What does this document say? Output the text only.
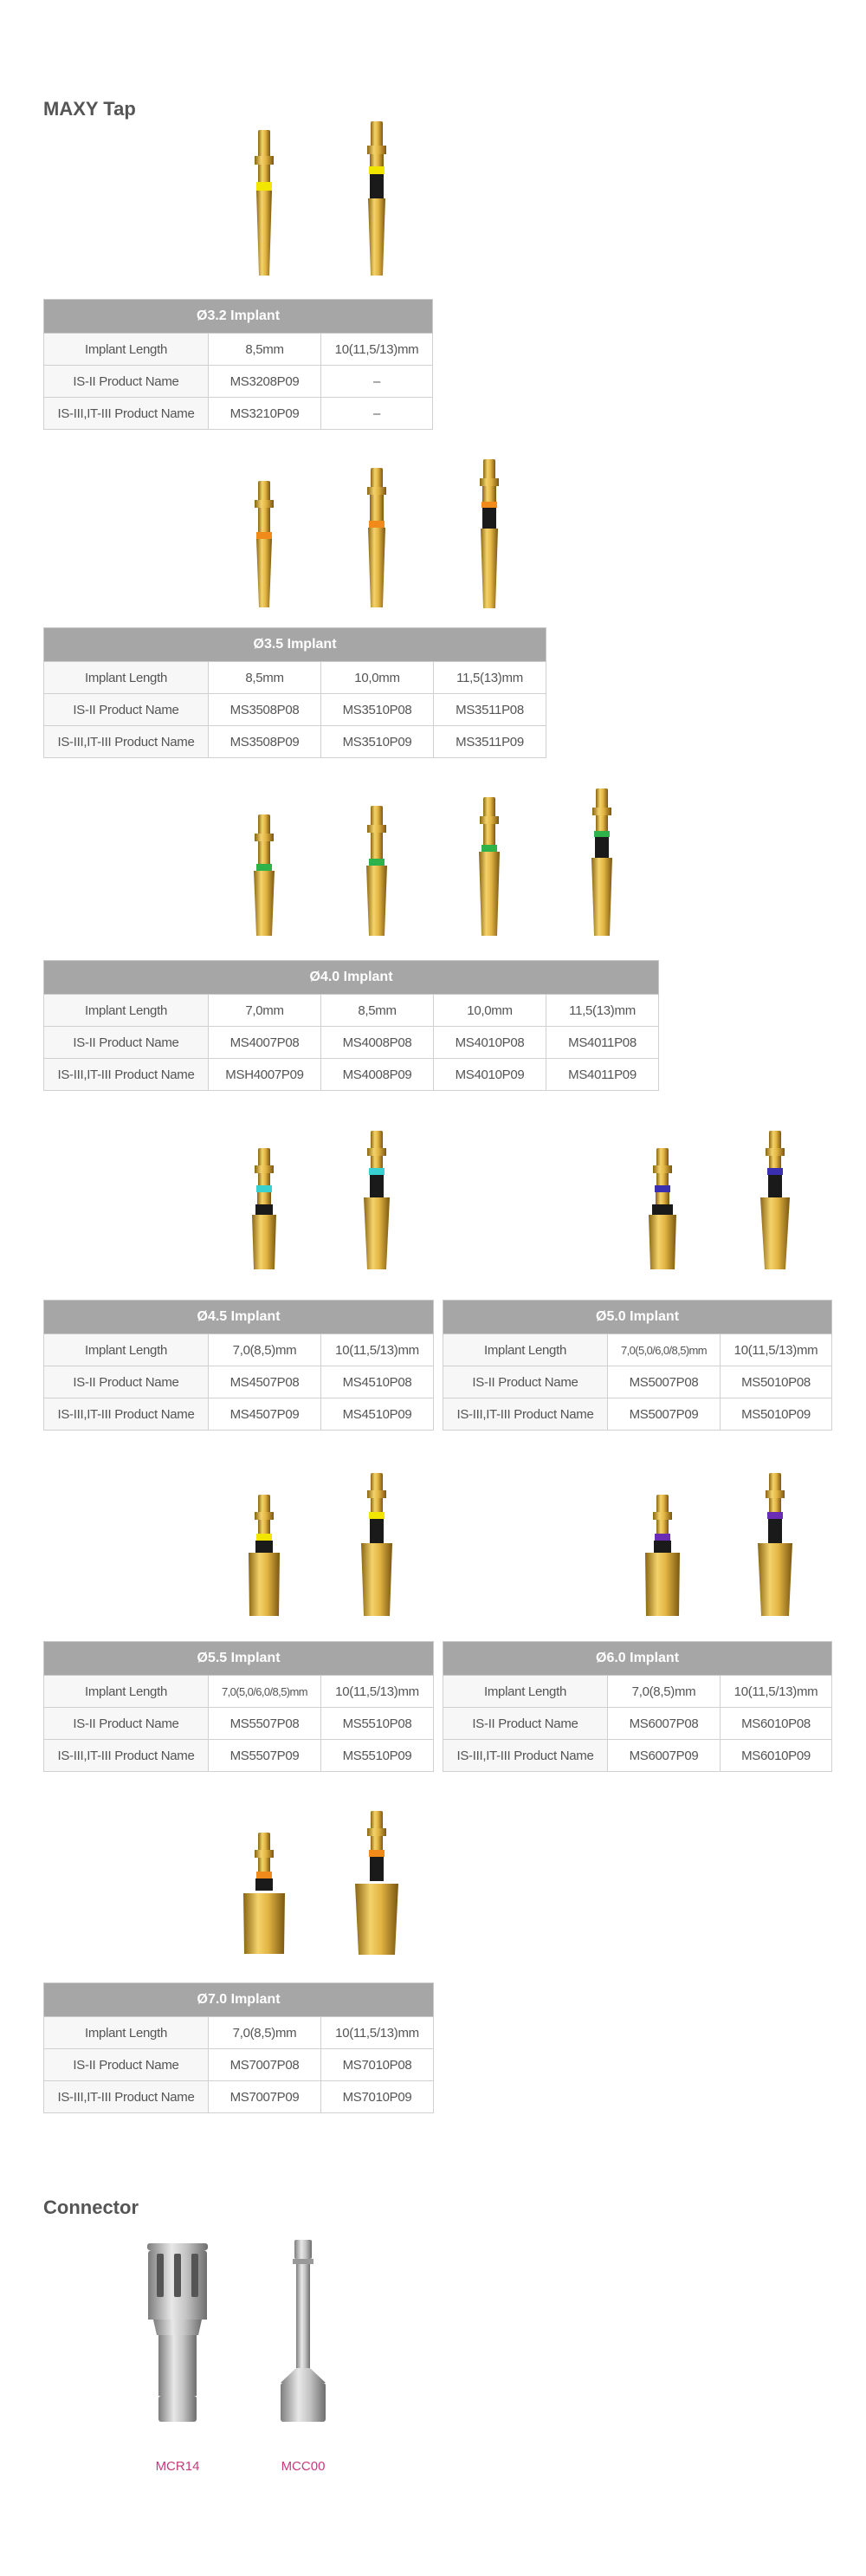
MAXY Tap
Ø3.2 Implant		
Implant Length	8,5mm	10(11,5/13)mm
IS-II Product Name	MS3208P09	–
IS-III,IT-III Product Name	MS3210P09	–
Ø3.5 Implant			
Implant Length	8,5mm	10,0mm	11,5(13)mm
IS-II Product Name	MS3508P08	MS3510P08	MS3511P08
IS-III,IT-III Product Name	MS3508P09	MS3510P09	MS3511P09
Ø4.0 Implant				
Implant Length	7,0mm	8,5mm	10,0mm	11,5(13)mm
IS-II Product Name	MS4007P08	MS4008P08	MS4010P08	MS4011P08
IS-III,IT-III Product Name	MSH4007P09	MS4008P09	MS4010P09	MS4011P09
Ø4.5 Implant		
Implant Length	7,0(8,5)mm	10(11,5/13)mm
IS-II Product Name	MS4507P08	MS4510P08
IS-III,IT-III Product Name	MS4507P09	MS4510P09
Ø5.0 Implant		
Implant Length	7,0(5,0/6,0/8,5)mm	10(11,5/13)mm
IS-II Product Name	MS5007P08	MS5010P08
IS-III,IT-III Product Name	MS5007P09	MS5010P09
Ø5.5 Implant		
Implant Length	7,0(5,0/6,0/8,5)mm	10(11,5/13)mm
IS-II Product Name	MS5507P08	MS5510P08
IS-III,IT-III Product Name	MS5507P09	MS5510P09
Ø6.0 Implant		
Implant Length	7,0(8,5)mm	10(11,5/13)mm
IS-II Product Name	MS6007P08	MS6010P08
IS-III,IT-III Product Name	MS6007P09	MS6010P09
Ø7.0 Implant		
Implant Length	7,0(8,5)mm	10(11,5/13)mm
IS-II Product Name	MS7007P08	MS7010P08
IS-III,IT-III Product Name	MS7007P09	MS7010P09
Connector
MCR14	MCC00
